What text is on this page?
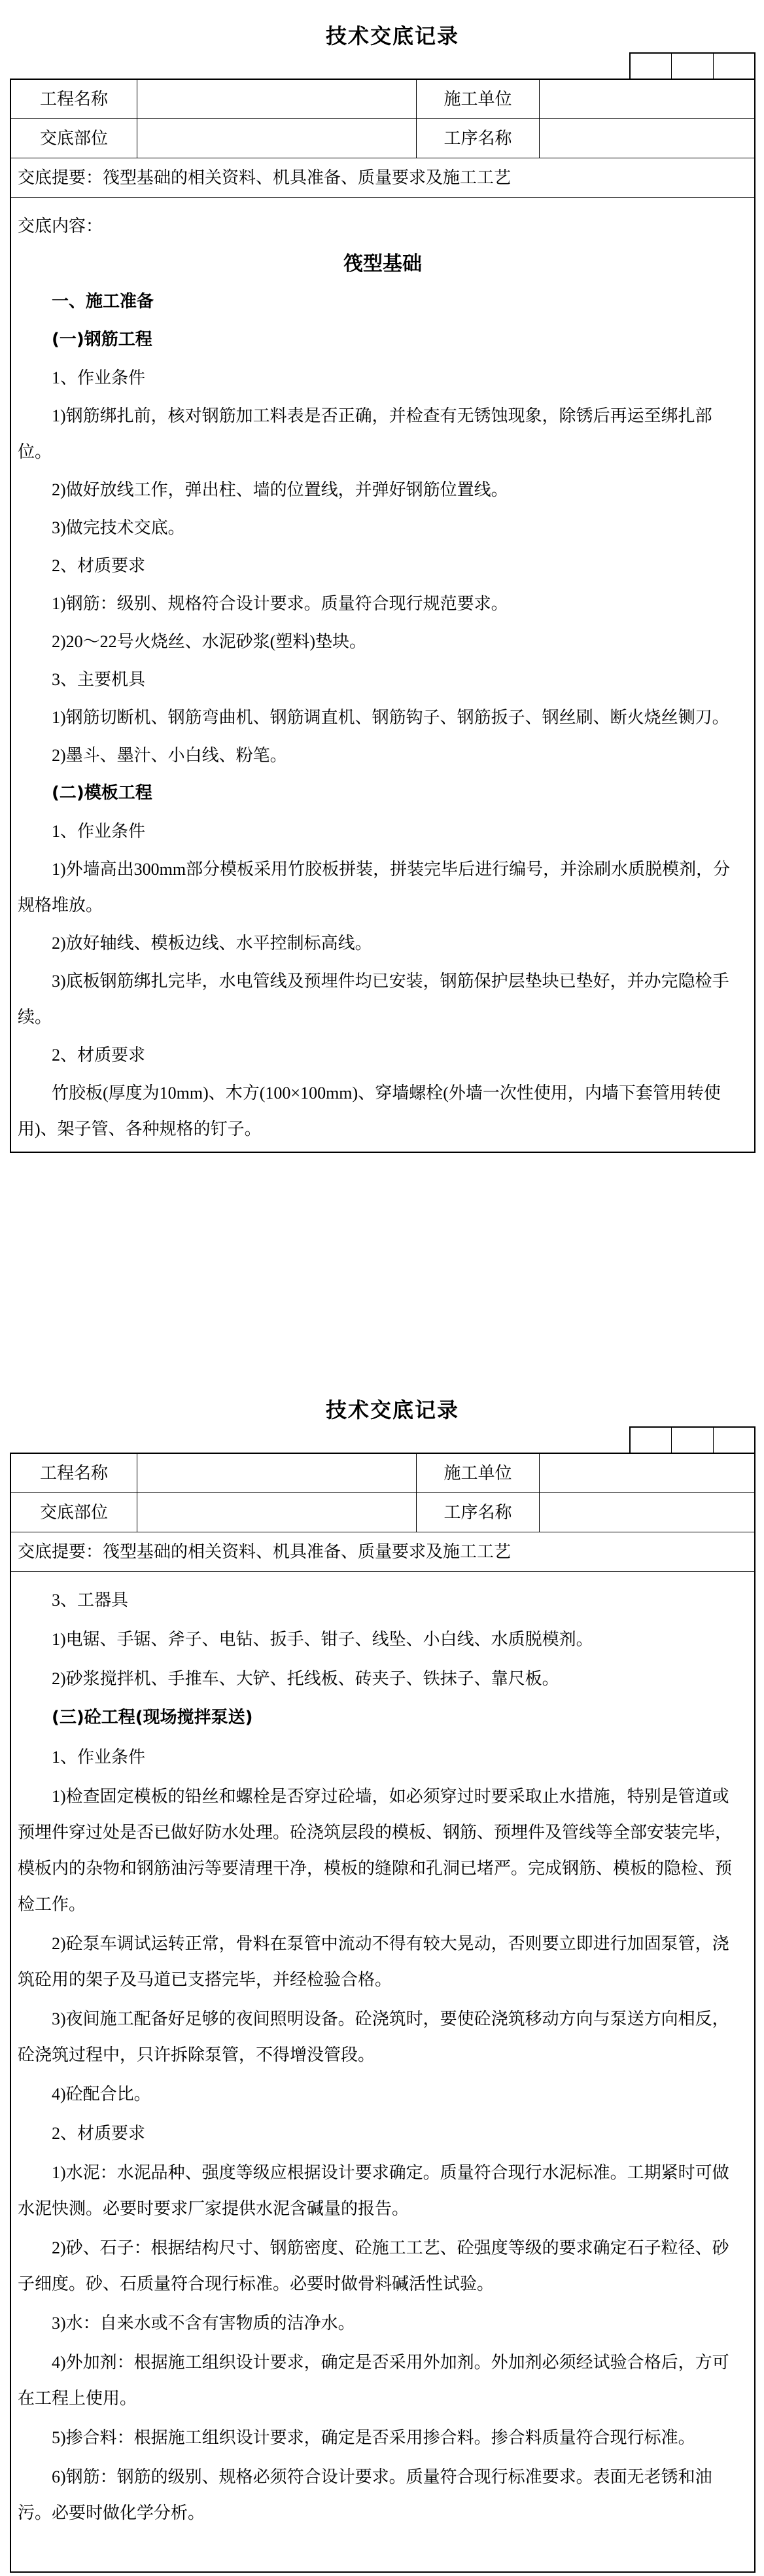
技术交底记录
工程名称	施工单位
交底部位	工序名称
交底提要：筏型基础的相关资料、机具准备、质量要求及施工工艺
交底内容：
筏型基础
一、施工准备
(一)钢筋工程
1、作业条件
1)钢筋绑扎前，核对钢筋加工料表是否正确，并检查有无锈蚀现象，除锈后再运至绑扎部
位。
2)做好放线工作，弹出柱、墙的位置线，并弹好钢筋位置线。
3)做完技术交底。
2、材质要求
1)钢筋：级别、规格符合设计要求。质量符合现行规范要求。
2)20～22号火烧丝、水泥砂浆(塑料)垫块。
3、主要机具
1)钢筋切断机、钢筋弯曲机、钢筋调直机、钢筋钩子、钢筋扳子、钢丝刷、断火烧丝铡刀。
2)墨斗、墨汁、小白线、粉笔。
(二)模板工程
1、作业条件
1)外墙高出300mm部分模板采用竹胶板拼装，拼装完毕后进行编号，并涂刷水质脱模剂，分
规格堆放。
2)放好轴线、模板边线、水平控制标高线。
3)底板钢筋绑扎完毕，水电管线及预埋件均已安装，钢筋保护层垫块已垫好，并办完隐检手
续。
2、材质要求
竹胶板(厚度为10mm)、木方(100×100mm)、穿墙螺栓(外墙一次性使用，内墙下套管用转使
用)、架子管、各种规格的钉子。
技术交底记录
工程名称	施工单位
交底部位	工序名称
交底提要：筏型基础的相关资料、机具准备、质量要求及施工工艺
3、工器具
1)电锯、手锯、斧子、电钻、扳手、钳子、线坠、小白线、水质脱模剂。
2)砂浆搅拌机、手推车、大铲、托线板、砖夹子、铁抹子、靠尺板。
(三)砼工程(现场搅拌泵送)
1、作业条件
1)检查固定模板的铅丝和螺栓是否穿过砼墙，如必须穿过时要采取止水措施，特别是管道或
预埋件穿过处是否已做好防水处理。砼浇筑层段的模板、钢筋、预埋件及管线等全部安装完毕，
模板内的杂物和钢筋油污等要清理干净，模板的缝隙和孔洞已堵严。完成钢筋、模板的隐检、预
检工作。
2)砼泵车调试运转正常，骨料在泵管中流动不得有较大晃动，否则要立即进行加固泵管，浇
筑砼用的架子及马道已支搭完毕，并经检验合格。
3)夜间施工配备好足够的夜间照明设备。砼浇筑时，要使砼浇筑移动方向与泵送方向相反，
砼浇筑过程中，只许拆除泵管，不得增没管段。
4)砼配合比。
2、材质要求
1)水泥：水泥品种、强度等级应根据设计要求确定。质量符合现行水泥标准。工期紧时可做
水泥快测。必要时要求厂家提供水泥含碱量的报告。
2)砂、石子：根据结构尺寸、钢筋密度、砼施工工艺、砼强度等级的要求确定石子粒径、砂
子细度。砂、石质量符合现行标准。必要时做骨料碱活性试验。
3)水：自来水或不含有害物质的洁净水。
4)外加剂：根据施工组织设计要求，确定是否采用外加剂。外加剂必须经试验合格后，方可
在工程上使用。
5)掺合料：根据施工组织设计要求，确定是否采用掺合料。掺合料质量符合现行标准。
6)钢筋：钢筋的级别、规格必须符合设计要求。质量符合现行标准要求。表面无老锈和油
污。必要时做化学分析。
